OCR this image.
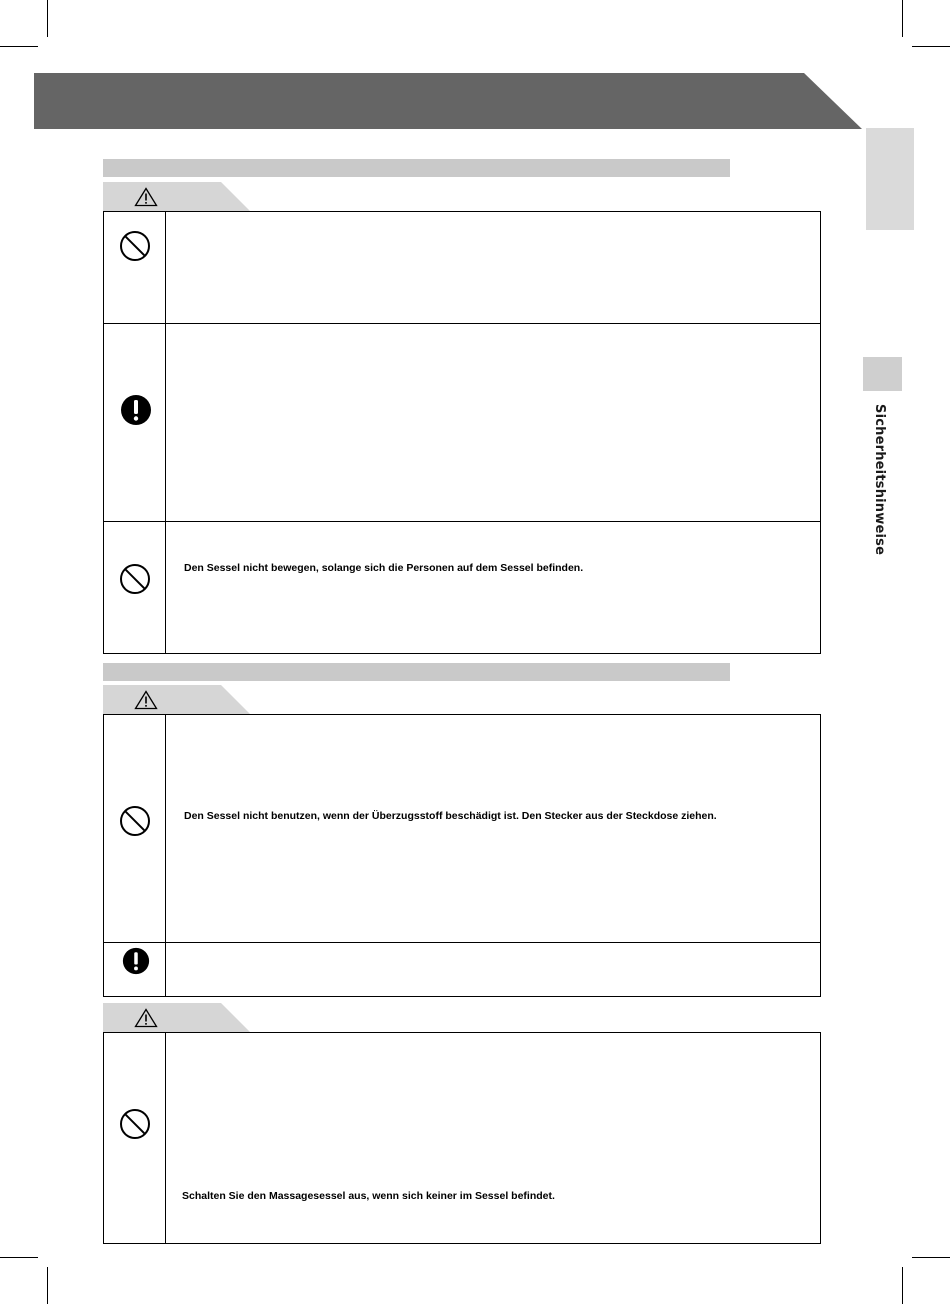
Sicherheitshinweise
Den Sessel nicht bewegen, solange sich die Personen auf dem Sessel befinden.
Den Sessel nicht benutzen, wenn der Überzugsstoff beschädigt ist. Den Stecker aus der Steckdose ziehen.
Schalten Sie den Massagesessel aus, wenn sich keiner im Sessel befindet.
